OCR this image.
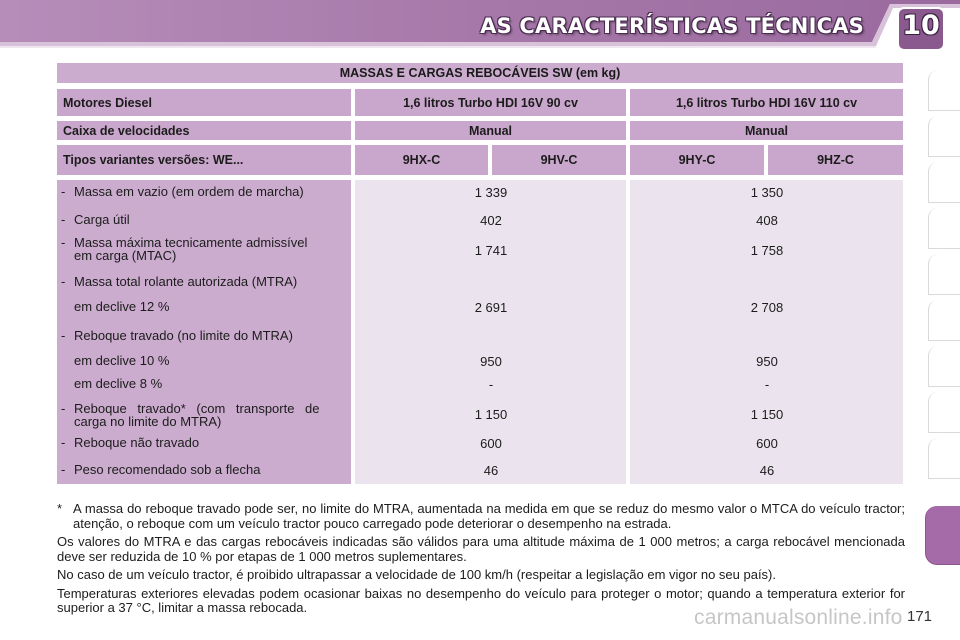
AS CARACTERÍSTICAS TÉCNICAS 10
MASSAS E CARGAS REBOCÁVEIS SW (em kg)
Motores Diesel	1,6 litros Turbo HDI 16V 90 cv	1,6 litros Turbo HDI 16V 110 cv
Caixa de velocidades	Manual	Manual
Tipos variantes versões: WE...	9HX-C	9HV-C	9HY-C	9HZ-C
- Massa em vazio (em ordem de marcha)	1 339	1 350
- Carga útil	402	408
- Massa máxima tecnicamente admissível
em carga (MTAC)	1 741	1 758
- Massa total rolante autorizada (MTRA)
em declive 12 %	2 691	2 708
- Reboque travado (no limite do MTRA)
em declive 10 %	950	950
em declive 8 %	-	-
- Reboque travado* (com transporte de
carga no limite do MTRA)	1 150	1 150
- Reboque não travado	600	600
- Peso recomendado sob a flecha	46	46

* A massa do reboque travado pode ser, no limite do MTRA, aumentada na medida em que se reduz do mesmo valor o MTCA do veículo tractor; atenção, o reboque com um veículo tractor pouco carregado pode deteriorar o desempenho na estrada.

Os valores do MTRA e das cargas rebocáveis indicadas são válidos para uma altitude máxima de 1 000 metros; a carga rebocável mencionada deve ser reduzida de 10 % por etapas de 1 000 metros suplementares.

No caso de um veículo tractor, é proibido ultrapassar a velocidade de 100 km/h (respeitar a legislação em vigor no seu país).

Temperaturas exteriores elevadas podem ocasionar baixas no desempenho do veículo para proteger o motor; quando a temperatura exterior for superior a 37 °C, limitar a massa rebocada.	carmanualsonline.info 171
